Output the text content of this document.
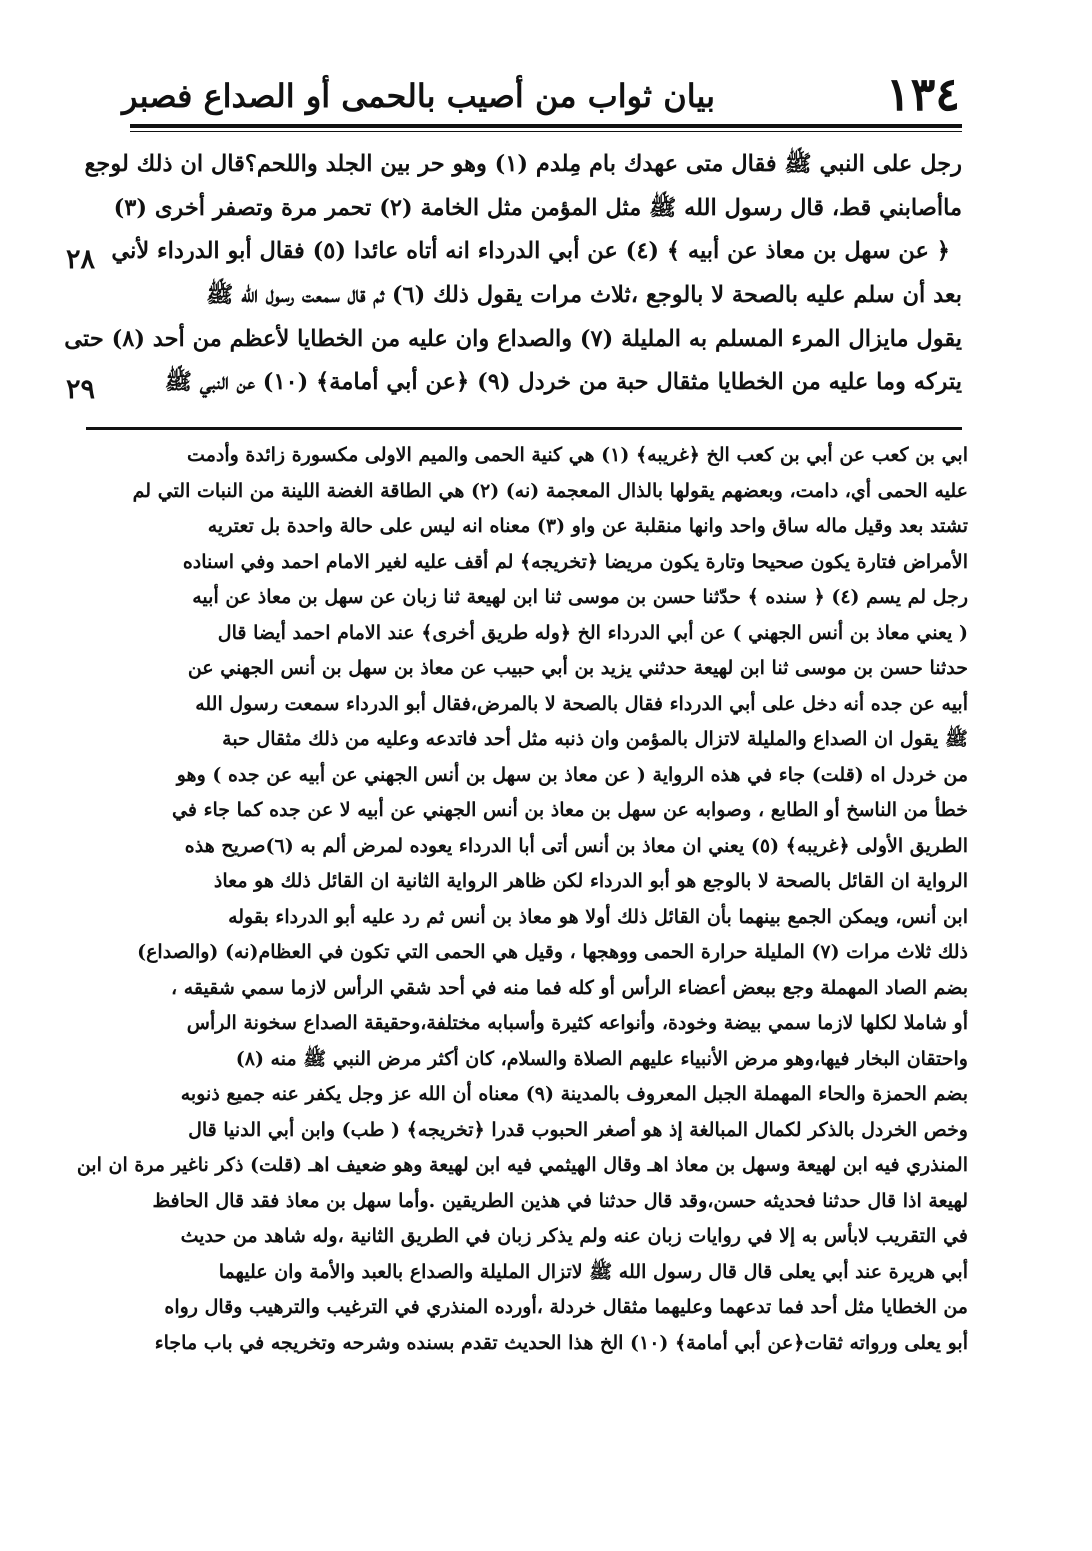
١٣٤
بيان ثواب من أصيب بالحمى أو الصداع فصبر
٢٨
٢٩
رجل على النبي ﷺ فقال متى عهدك بام مِلدم (١) وهو حر بين الجلد واللحم؟قال ان ذلك لوجع
ماأصابني قط، قال رسول الله ﷺ مثل المؤمن مثل الخامة (٢) تحمر مرة وتصفر أخرى (٣)
﴿ عن سهل بن معاذ عن أبيه ﴾ (٤) عن أبي الدرداء انه أتاه عائدا (٥) فقال أبو الدرداء لأني
بعد أن سلم عليه بالصحة لا بالوجع ،ثلاث مرات يقول ذلك (٦) ثم قال سمعت رسول الله ﷺ
يقول مايزال المرء المسلم به المليلة (٧) والصداع وان عليه من الخطايا لأعظم من أحد (٨) حتى
يتركه وما عليه من الخطايا مثقال حبة من خردل (٩) ﴿عن أبي أمامة﴾ (١٠) عن النبي ﷺ
ابي بن كعب عن أبي بن كعب الخ ﴿غريبه﴾ (١) هي كنية الحمى والميم الاولى مكسورة زائدة وأدمت
عليه الحمى أي، دامت، وبعضهم يقولها بالذال المعجمة (نه) (٢) هي الطاقة الغضة اللينة من النبات التي لم
تشتد بعد وقيل ماله ساق واحد وانها منقلبة عن واو (٣) معناه انه ليس على حالة واحدة بل تعتريه
الأمراض فتارة يكون صحيحا وتارة يكون مريضا ﴿تخريجه﴾ لم أقف عليه لغير الامام احمد وفي اسناده
رجل لم يسم (٤) ﴿ سنده ﴾ حدّثنا حسن بن موسى ثنا ابن لهيعة ثنا زبان عن سهل بن معاذ عن أبيه
( يعني معاذ بن أنس الجهني ) عن أبي الدرداء الخ ﴿وله طريق أخرى﴾ عند الامام احمد أيضا قال
حدثنا حسن بن موسى ثنا ابن لهيعة حدثني يزيد بن أبي حبيب عن معاذ بن سهل بن أنس الجهني عن
أبيه عن جده أنه دخل على أبي الدرداء فقال بالصحة لا بالمرض،فقال أبو الدرداء سمعت رسول الله
ﷺ يقول ان الصداع والمليلة لاتزال بالمؤمن وان ذنبه مثل أحد فاتدعه وعليه من ذلك مثقال حبة
من خردل اه (قلت) جاء في هذه الرواية ( عن معاذ بن سهل بن أنس الجهني عن أبيه عن جده ) وهو
خطأ من الناسخ أو الطابع ، وصوابه عن سهل بن معاذ بن أنس الجهني عن أبيه لا عن جده كما جاء في
الطريق الأولى ﴿غريبه﴾ (٥) يعني ان معاذ بن أنس أتى أبا الدرداء يعوده لمرض ألم به (٦)صريح هذه
الرواية ان القائل بالصحة لا بالوجع هو أبو الدرداء لكن ظاهر الرواية الثانية ان القائل ذلك هو معاذ
ابن أنس، ويمكن الجمع بينهما بأن القائل ذلك أولا هو معاذ بن أنس ثم رد عليه أبو الدرداء بقوله
ذلك ثلاث مرات (٧) المليلة حرارة الحمى ووهجها ، وقيل هي الحمى التي تكون في العظام(نه) (والصداع)
بضم الصاد المهملة وجع ببعض أعضاء الرأس أو كله فما منه في أحد شقي الرأس لازما سمي شقيقه ،
أو شاملا لكلها لازما سمي بيضة وخودة، وأنواعه كثيرة وأسبابه مختلفة،وحقيقة الصداع سخونة الرأس
واحتقان البخار فيها،وهو مرض الأنبياء عليهم الصلاة والسلام، كان أكثر مرض النبي ﷺ منه (٨)
بضم الحمزة والحاء المهملة الجبل المعروف بالمدينة (٩) معناه أن الله عز وجل يكفر عنه جميع ذنوبه
وخص الخردل بالذكر لكمال المبالغة إذ هو أصغر الحبوب قدرا ﴿تخريجه﴾ ( طب) وابن أبي الدنيا قال
المنذري فيه ابن لهيعة وسهل بن معاذ اهـ وقال الهيثمي فيه ابن لهيعة وهو ضعيف اهـ (قلت) ذكر ناغير مرة ان ابن
لهيعة اذا قال حدثنا فحديثه حسن،وقد قال حدثنا في هذين الطريقين .وأما سهل بن معاذ فقد قال الحافظ
في التقريب لابأس به إلا في روايات زبان عنه ولم يذكر زبان في الطريق الثانية ،وله شاهد من حديث
أبي هريرة عند أبي يعلى قال قال رسول الله ﷺ لاتزال المليلة والصداع بالعبد والأمة وان عليهما
من الخطايا مثل أحد فما تدعهما وعليهما مثقال خردلة ،أورده المنذري في الترغيب والترهيب وقال رواه
أبو يعلى ورواته ثقات﴿عن أبي أمامة﴾ (١٠) الخ هذا الحديث تقدم بسنده وشرحه وتخريجه في باب ماجاء
